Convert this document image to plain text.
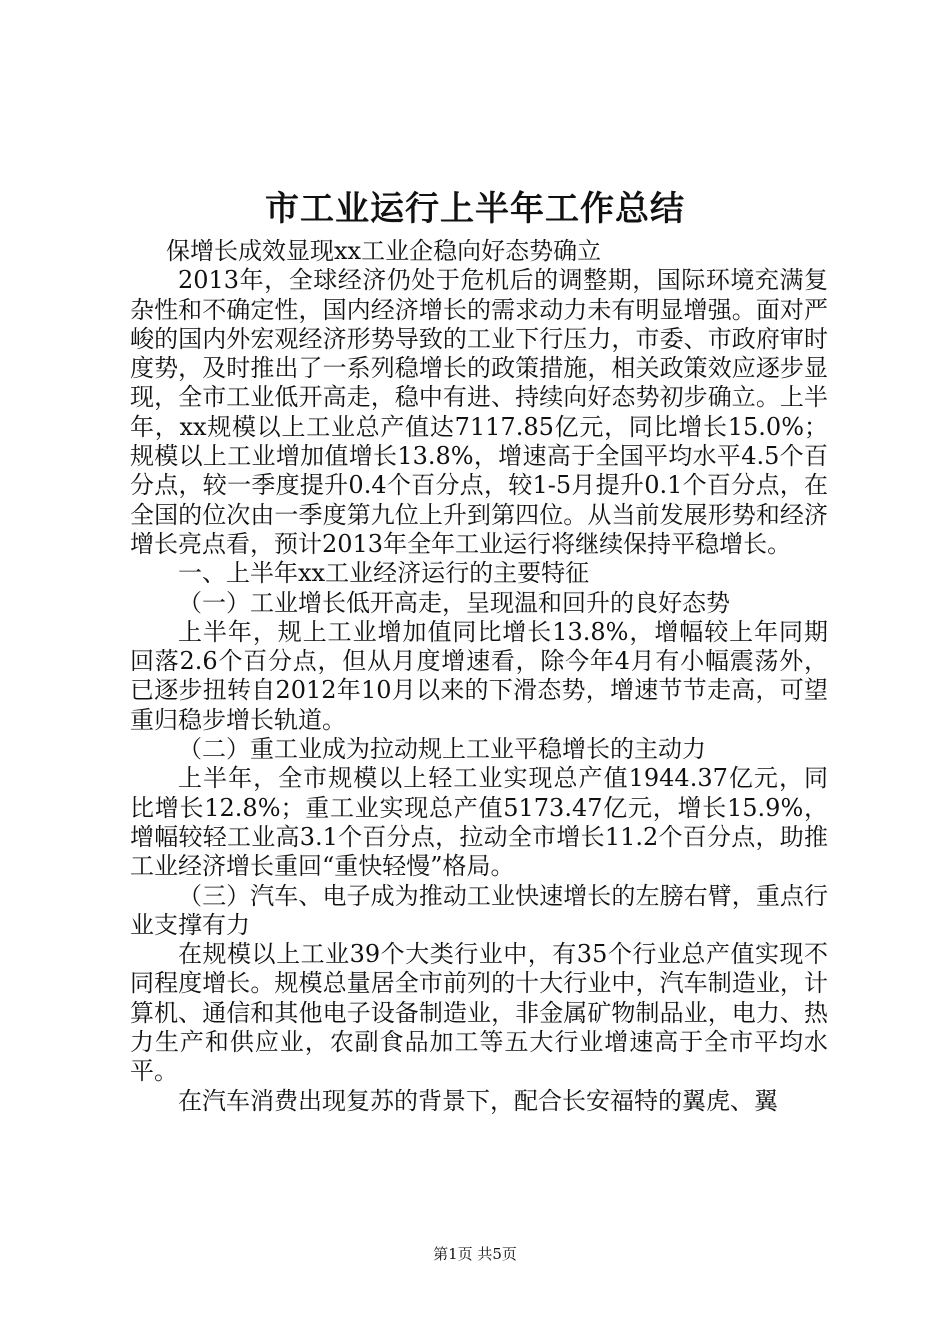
市工业运行上半年工作总结

保增长成效显现xx工业企稳向好态势确立

2013年，全球经济仍处于危机后的调整期，国际环境充满复杂性和不确定性，国内经济增长的需求动力未有明显增强。面对严峻的国内外宏观经济形势导致的工业下行压力，市委、市政府审时度势，及时推出了一系列稳增长的政策措施，相关政策效应逐步显现，全市工业低开高走，稳中有进、持续向好态势初步确立。上半年，xx规模以上工业总产值达7117.85亿元，同比增长15.0%；规模以上工业增加值增长13.8%，增速高于全国平均水平4.5个百分点，较一季度提升0.4个百分点，较1-5月提升0.1个百分点，在全国的位次由一季度第九位上升到第四位。从当前发展形势和经济增长亮点看，预计2013年全年工业运行将继续保持平稳增长。

一、上半年xx工业经济运行的主要特征

（一）工业增长低开高走，呈现温和回升的良好态势

上半年，规上工业增加值同比增长13.8%，增幅较上年同期回落2.6个百分点，但从月度增速看，除今年4月有小幅震荡外，已逐步扭转自2012年10月以来的下滑态势，增速节节走高，可望重归稳步增长轨道。

（二）重工业成为拉动规上工业平稳增长的主动力

上半年，全市规模以上轻工业实现总产值1944.37亿元，同比增长12.8%；重工业实现总产值5173.47亿元，增长15.9%，增幅较轻工业高3.1个百分点，拉动全市增长11.2个百分点，助推工业经济增长重回“重快轻慢”格局。

（三）汽车、电子成为推动工业快速增长的左膀右臂，重点行业支撑有力

在规模以上工业39个大类行业中，有35个行业总产值实现不同程度增长。规模总量居全市前列的十大行业中，汽车制造业，计算机、通信和其他电子设备制造业，非金属矿物制品业，电力、热力生产和供应业，农副食品加工等五大行业增速高于全市平均水平。

在汽车消费出现复苏的背景下，配合长安福特的翼虎、翼

第1页 共5页
